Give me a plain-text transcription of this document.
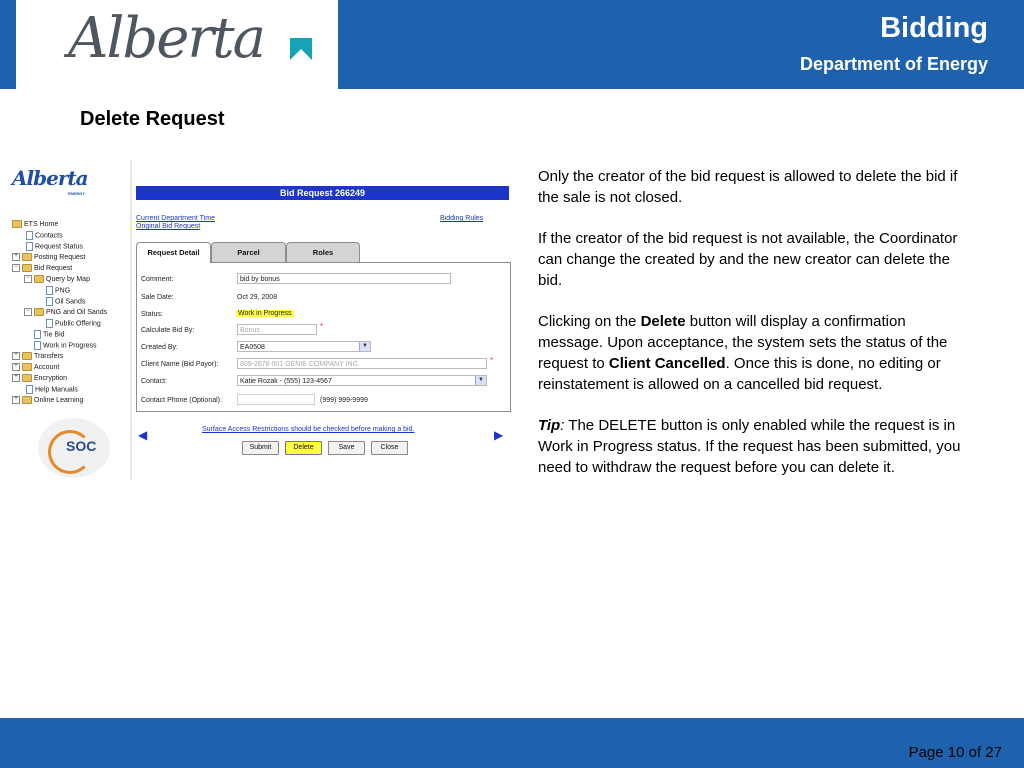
Alberta	Bidding
Department of Energy
Delete Request
Alberta
ENERGY
ETS Home
Contacts
Request Status
+ Posting Request
− Bid Request
− Query by Map
PNG
Oil Sands
− PNG and Oil Sands
Public Offering
Tie Bid
Work in Progress
+ Transfers
+ Account
+ Encryption
Help Manuals
+ Online Learning
SOC
Bid Request 266249
Current Department Time
Original Bid Request
Bidding Rules
Request Detail	Parcel	Roles
Comment:	bid by bonus
Sale Date:	Oct 29, 2008
Status:	Work in Progress
Calculate Bid By:	Bonus	*
Created By:	EA0508	▼
Client Name (Bid Payor):	809-2678 001 GENIE COMPANY INC.	*
Contact:	Katie Rozak - (555) 123-4567	▼
Contact Phone (Optional):	(999) 999-9999
◀	▶
Surface Access Restrictions should be checked before making a bid.
Submit	Delete	Save	Close

Only the creator of the bid request is allowed to delete the bid if the sale is not closed.

If the creator of the bid request is not available, the Coordinator can change the created by and the new creator can delete the bid.

Clicking on the Delete button will display a confirmation message. Upon acceptance, the system sets the status of the request to Client Cancelled. Once this is done, no editing or reinstatement is allowed on a cancelled bid request.

Tip: The DELETE button is only enabled while the request is in Work in Progress status. If the request has been submitted, you need to withdraw the request before you can delete it.

Page 10 of 27
